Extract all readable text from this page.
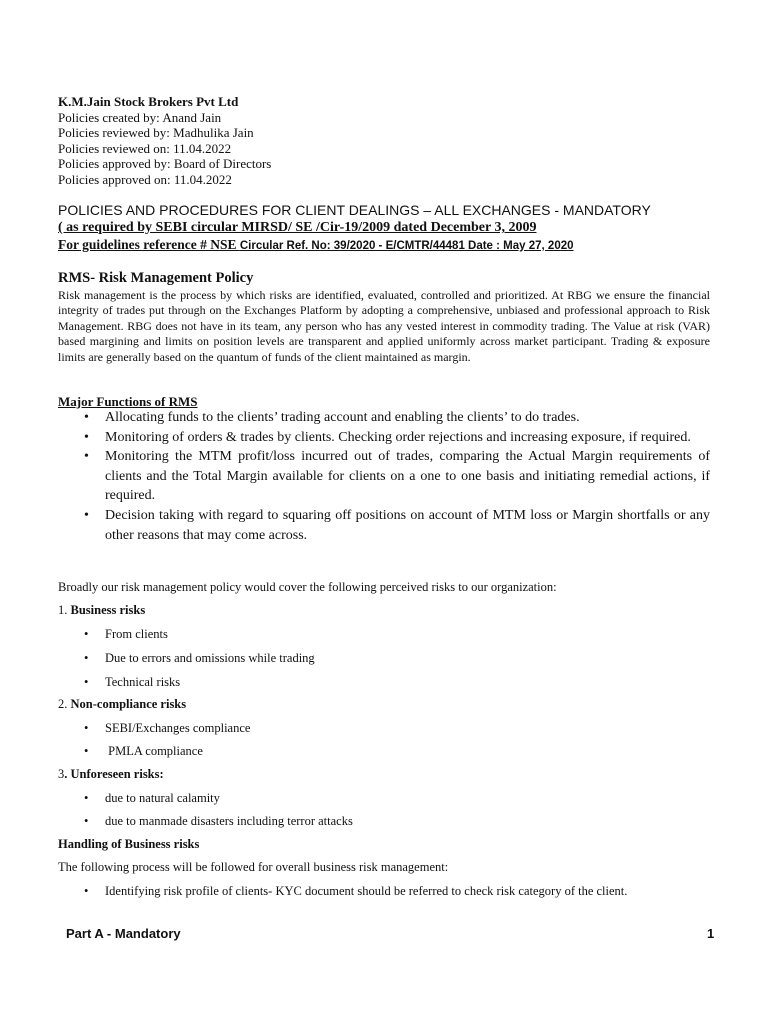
K.M.Jain Stock Brokers Pvt Ltd
Policies created by: Anand Jain
Policies reviewed by: Madhulika Jain
Policies reviewed on: 11.04.2022
Policies approved by: Board of Directors
Policies approved on: 11.04.2022
POLICIES AND PROCEDURES FOR CLIENT DEALINGS – ALL EXCHANGES - MANDATORY
( as required by SEBI circular MIRSD/ SE /Cir-19/2009 dated December 3, 2009
For guidelines reference # NSE Circular Ref. No: 39/2020 - E/CMTR/44481 Date : May 27, 2020
RMS- Risk Management Policy
Risk management is the process by which risks are identified, evaluated, controlled and prioritized. At RBG we ensure the financial integrity of trades put through on the Exchanges Platform by adopting a comprehensive, unbiased and professional approach to Risk Management. RBG does not have in its team, any person who has any vested interest in commodity trading. The Value at risk (VAR) based margining and limits on position levels are transparent and applied uniformly across market participant. Trading & exposure limits are generally based on the quantum of funds of the client maintained as margin.
Major Functions of RMS
• Allocating funds to the clients’ trading account and enabling the clients’ to do trades.
• Monitoring of orders & trades by clients. Checking order rejections and increasing exposure, if required.
• Monitoring the MTM profit/loss incurred out of trades, comparing the Actual Margin requirements of clients and the Total Margin available for clients on a one to one basis and initiating remedial actions, if required.
• Decision taking with regard to squaring off positions on account of MTM loss or Margin shortfalls or any other reasons that may come across.
Broadly our risk management policy would cover the following perceived risks to our organization:
1. Business risks
• From clients
• Due to errors and omissions while trading
• Technical risks
2. Non-compliance risks
• SEBI/Exchanges compliance
• PMLA compliance
3. Unforeseen risks:
• due to natural calamity
• due to manmade disasters including terror attacks
Handling of Business risks
The following process will be followed for overall business risk management:
• Identifying risk profile of clients- KYC document should be referred to check risk category of the client.
Part A - Mandatory	1
